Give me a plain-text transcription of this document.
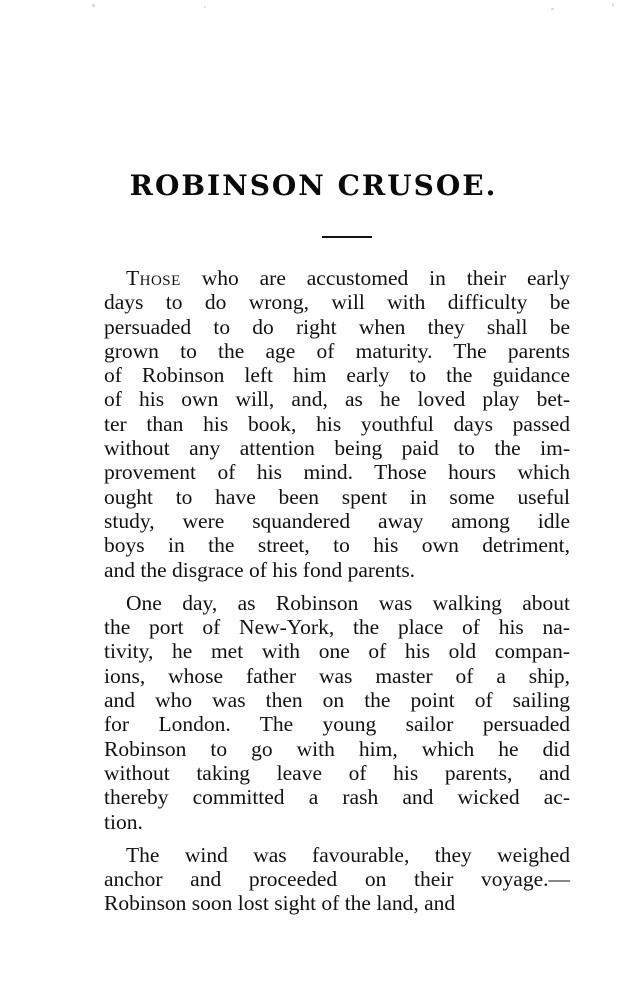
ROBINSON CRUSOE.
Those who are accustomed in their early
days to do wrong, will with difficulty be
persuaded to do right when they shall be
grown to the age of maturity. The parents
of Robinson left him early to the guidance
of his own will, and, as he loved play bet-
ter than his book, his youthful days passed
without any attention being paid to the im-
provement of his mind. Those hours which
ought to have been spent in some useful
study, were squandered away among idle
boys in the street, to his own detriment,
and the disgrace of his fond parents.
One day, as Robinson was walking about
the port of New-York, the place of his na-
tivity, he met with one of his old compan-
ions, whose father was master of a ship,
and who was then on the point of sailing
for London. The young sailor persuaded
Robinson to go with him, which he did
without taking leave of his parents, and
thereby committed a rash and wicked ac-
tion.
The wind was favourable, they weighed
anchor and proceeded on their voyage.—
Robinson soon lost sight of the land, and
